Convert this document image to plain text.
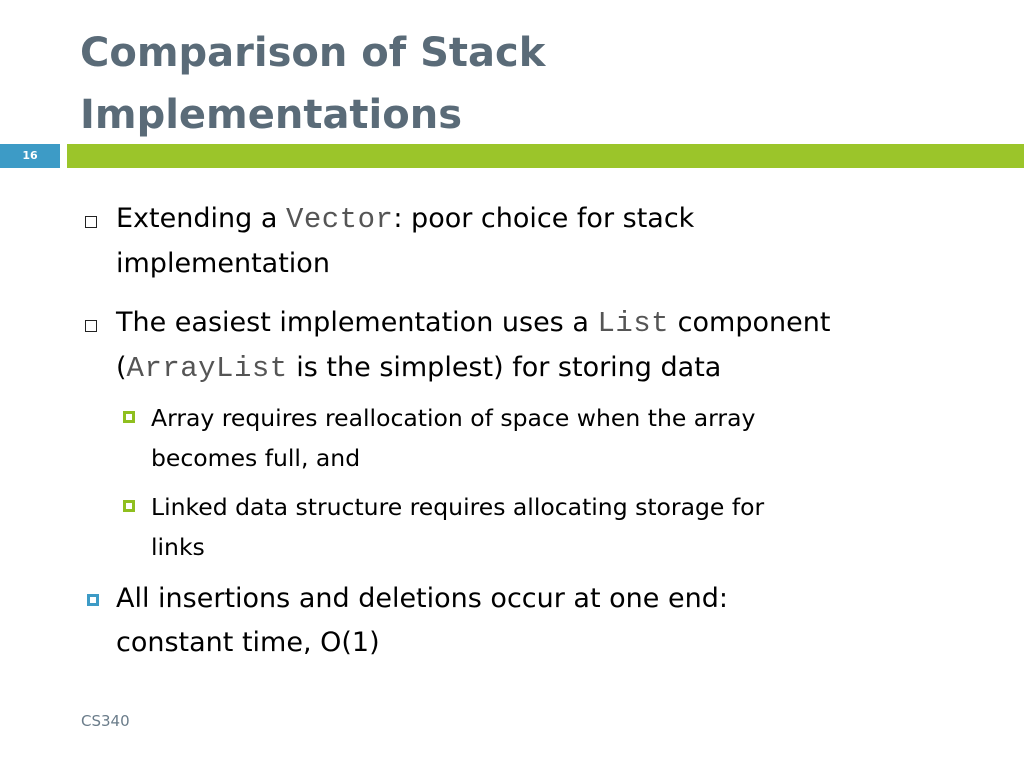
Comparison of Stack
Implementations
16
Extending a Vector: poor choice for stack
implementation
The easiest implementation uses a List component
(ArrayList is the simplest) for storing data
Array requires reallocation of space when the array
becomes full, and
Linked data structure requires allocating storage for
links
All insertions and deletions occur at one end:
constant time, O(1)
CS340
